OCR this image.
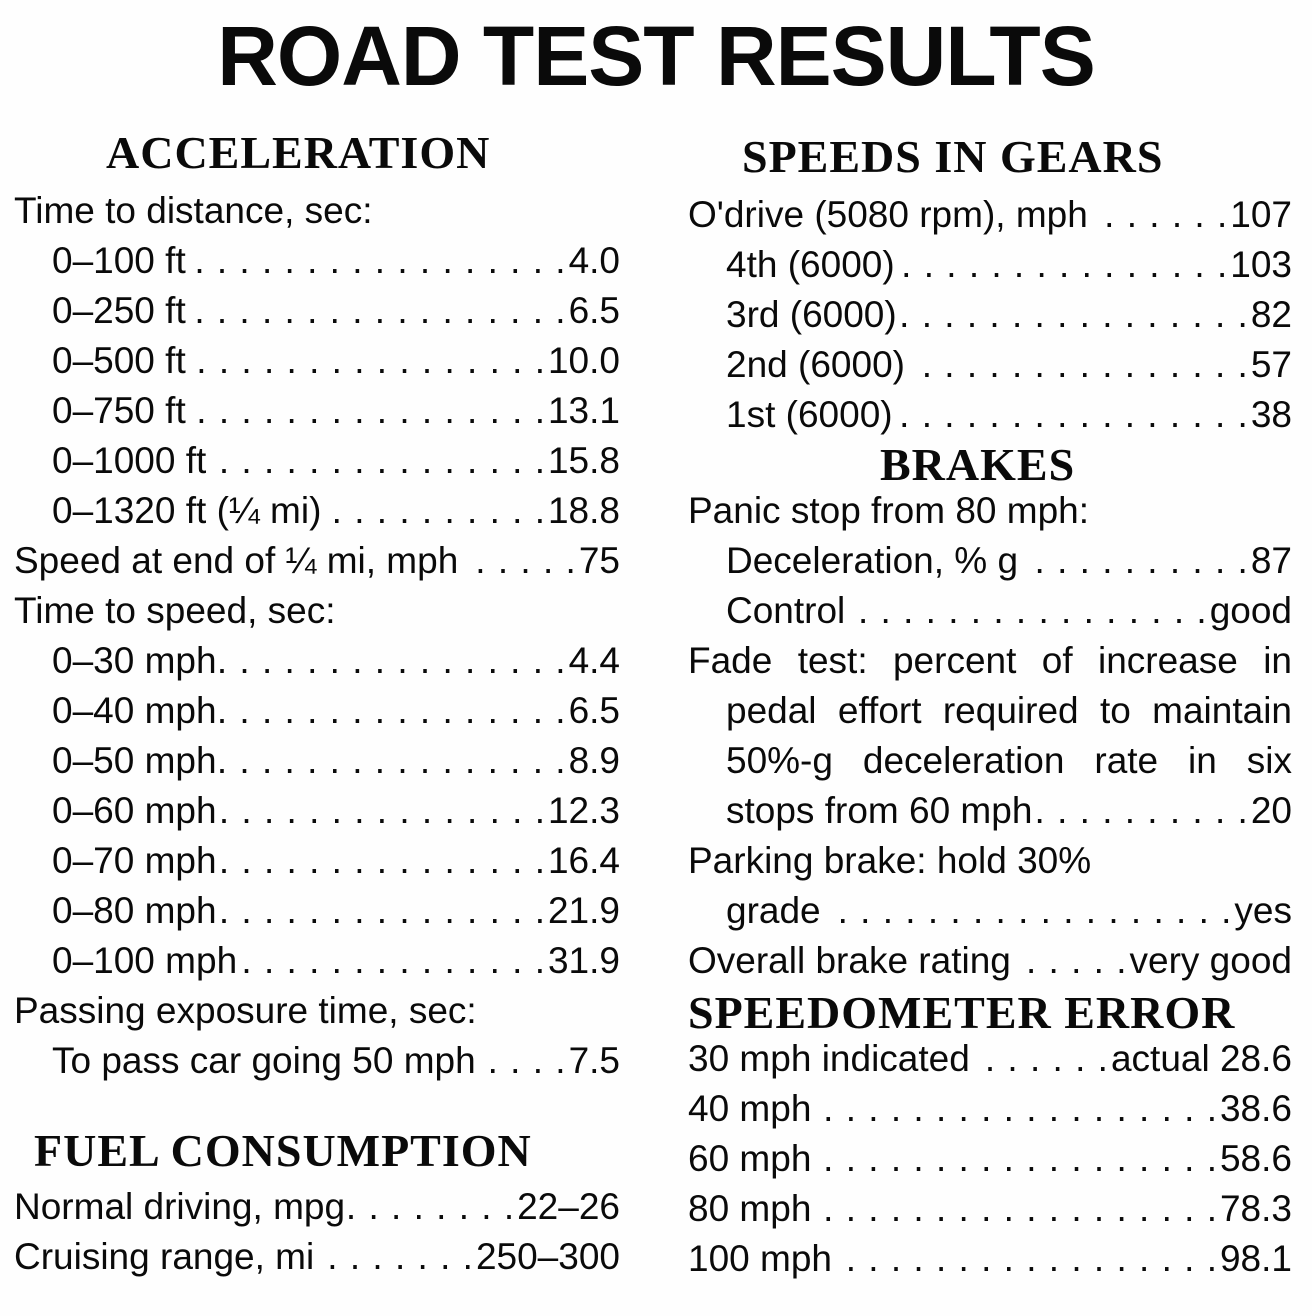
ROAD TEST RESULTS
ACCELERATION
Time to distance, sec:
0–100 ft . . .	4.0
0–250 ft . . .	6.5
0–500 ft . . .	10.0
0–750 ft . . .	13.1
0–1000 ft . . .	15.8
0–1320 ft (¼ mi) . . .	18.8
Speed at end of ¼ mi, mph . . .	75
Time to speed, sec:
0–30 mph . . .	4.4
0–40 mph . . .	6.5
0–50 mph . . .	8.9
0–60 mph . . .	12.3
0–70 mph . . .	16.4
0–80 mph . . .	21.9
0–100 mph . . .	31.9
Passing exposure time, sec:
To pass car going 50 mph . . .	7.5
FUEL CONSUMPTION
Normal driving, mpg . . .	22–26
Cruising range, mi . . .	250–300
SPEEDS IN GEARS
O'drive (5080 rpm), mph . . .	107
4th (6000) . . .	103
3rd (6000) . . .	82
2nd (6000) . . .	57
1st (6000) . . .	38
BRAKES
Panic stop from 80 mph:
Deceleration, % g . . .	87
Control . . .	good
Fade test: percent of increase in
pedal effort required to maintain
50%-g deceleration rate in six
stops from 60 mph . . .	20
Parking brake: hold 30%
grade . . .	yes
Overall brake rating . . .	very good
SPEEDOMETER ERROR
30 mph indicated . . .	actual 28.6
40 mph . . .	38.6
60 mph . . .	58.6
80 mph . . .	78.3
100 mph . . .	98.1
